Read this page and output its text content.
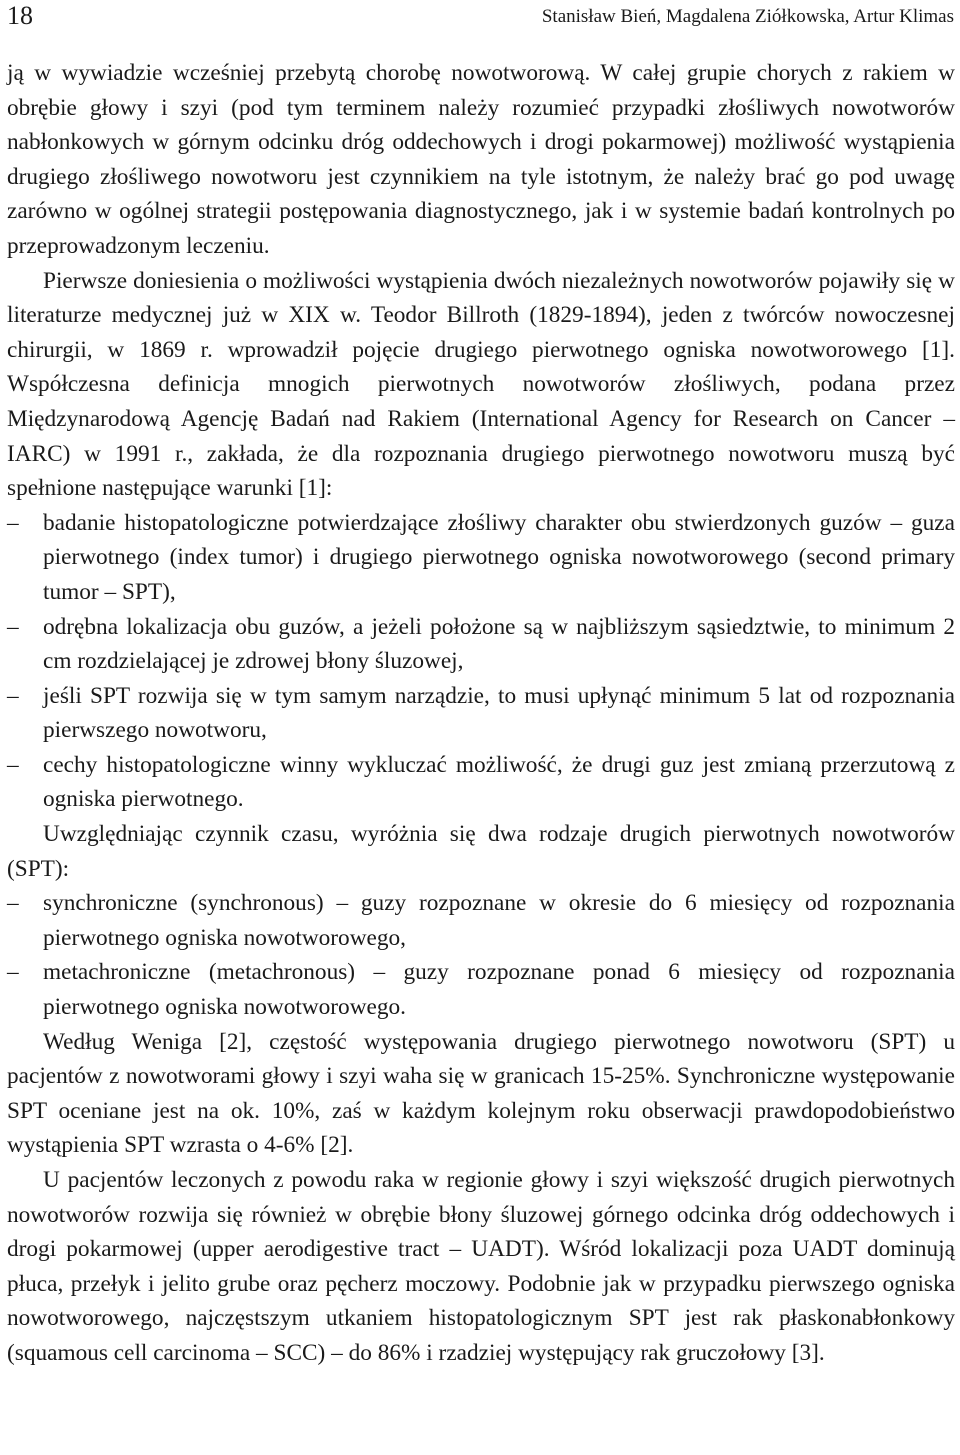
18	Stanisław Bień, Magdalena Ziółkowska, Artur Klimas

ją w wywiadzie wcześniej przebytą chorobę nowotworową. W całej grupie chorych z rakiem w obrębie głowy i szyi (pod tym terminem należy rozumieć przypadki złośliwych nowotworów nabłonkowych w górnym odcinku dróg oddechowych i drogi pokarmowej) możliwość wystąpienia drugiego złośliwego nowotworu jest czynnikiem na tyle istotnym, że należy brać go pod uwagę zarówno w ogólnej strategii postępowania diagnostycznego, jak i w systemie badań kontrolnych po przeprowadzonym leczeniu.

Pierwsze doniesienia o możliwości wystąpienia dwóch niezależnych nowotworów pojawiły się w literaturze medycznej już w XIX w. Teodor Billroth (1829-1894), jeden z twórców nowoczesnej chirurgii, w 1869 r. wprowadził pojęcie drugiego pierwotnego ogniska nowotworowego [1]. Współczesna definicja mnogich pierwotnych nowotworów złośliwych, podana przez Międzynarodową Agencję Badań nad Rakiem (International Agency for Research on Cancer – IARC) w 1991 r., zakłada, że dla rozpoznania drugiego pierwotnego nowotworu muszą być spełnione następujące warunki [1]:

– badanie histopatologiczne potwierdzające złośliwy charakter obu stwierdzonych guzów – guza pierwotnego (index tumor) i drugiego pierwotnego ogniska nowotworowego (second primary tumor – SPT),
– odrębna lokalizacja obu guzów, a jeżeli położone są w najbliższym sąsiedztwie, to minimum 2 cm rozdzielającej je zdrowej błony śluzowej,
– jeśli SPT rozwija się w tym samym narządzie, to musi upłynąć minimum 5 lat od rozpoznania pierwszego nowotworu,
– cechy histopatologiczne winny wykluczać możliwość, że drugi guz jest zmianą przerzutową z ogniska pierwotnego.

Uwzględniając czynnik czasu, wyróżnia się dwa rodzaje drugich pierwotnych nowotworów (SPT):

– synchroniczne (synchronous) – guzy rozpoznane w okresie do 6 miesięcy od rozpoznania pierwotnego ogniska nowotworowego,
– metachroniczne (metachronous) – guzy rozpoznane ponad 6 miesięcy od rozpoznania pierwotnego ogniska nowotworowego.

Według Weniga [2], częstość występowania drugiego pierwotnego nowotworu (SPT) u pacjentów z nowotworami głowy i szyi waha się w granicach 15-25%. Synchroniczne występowanie SPT oceniane jest na ok. 10%, zaś w każdym kolejnym roku obserwacji prawdopodobieństwo wystąpienia SPT wzrasta o 4-6% [2].

U pacjentów leczonych z powodu raka w regionie głowy i szyi większość drugich pierwotnych nowotworów rozwija się również w obrębie błony śluzowej górnego odcinka dróg oddechowych i drogi pokarmowej (upper aerodigestive tract – UADT). Wśród lokalizacji poza UADT dominują płuca, przełyk i jelito grube oraz pęcherz moczowy. Podobnie jak w przypadku pierwszego ogniska nowotworowego, najczęstszym utkaniem histopatologicznym SPT jest rak płaskonabłonkowy (squamous cell carcinoma – SCC) – do 86% i rzadziej występujący rak gruczołowy [3].
